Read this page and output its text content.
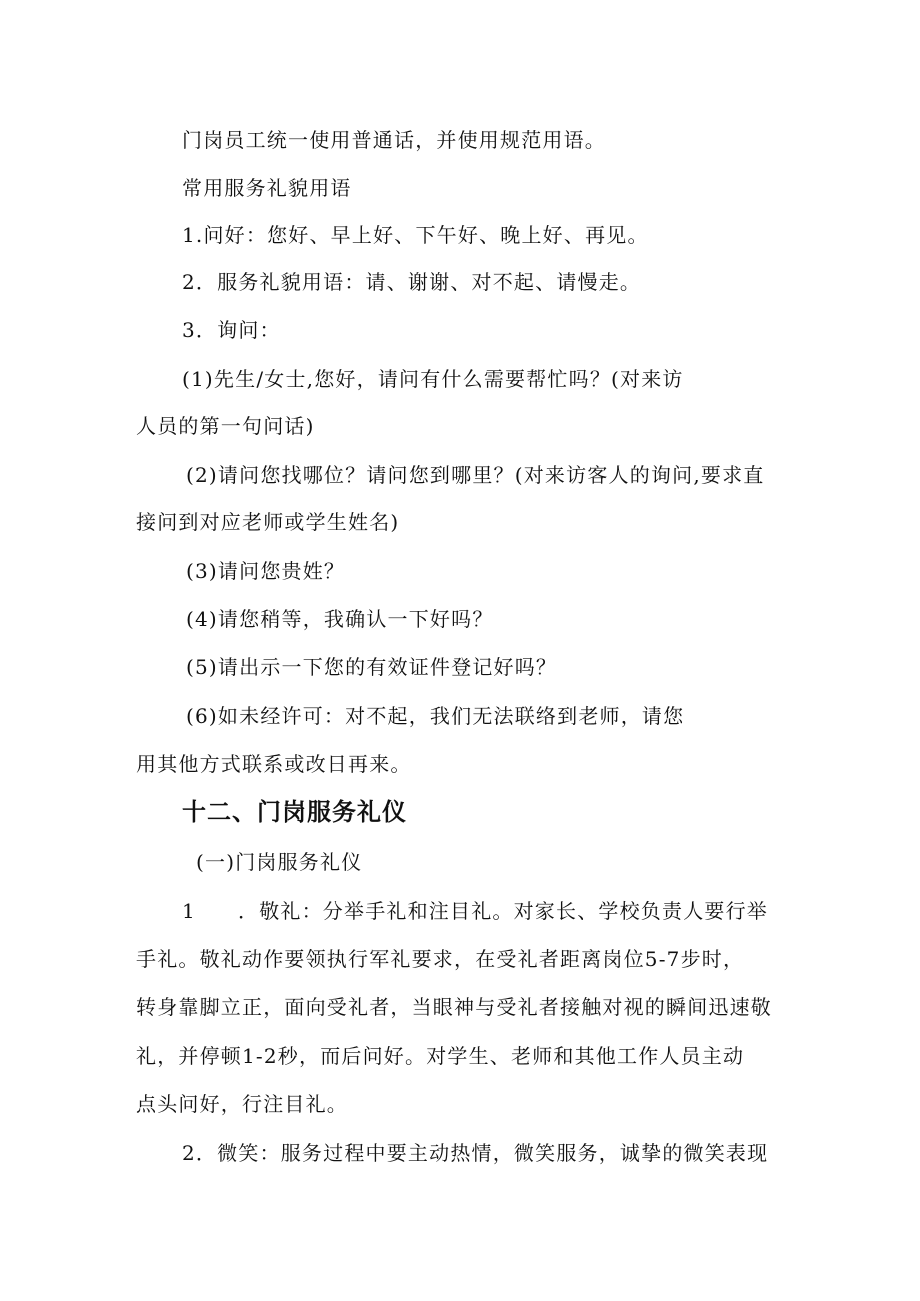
门岗员工统一使用普通话，并使用规范用语。
常用服务礼貌用语
1.问好：您好、早上好、下午好、晚上好、再见。
2．服务礼貌用语：请、谢谢、对不起、请慢走。
3．询问：
(1)先生/女士,您好，请问有什么需要帮忙吗？(对来访
人员的第一句问话)
(2)请问您找哪位？请问您到哪里？(对来访客人的询问,要求直
接问到对应老师或学生姓名)
(3)请问您贵姓？
(4)请您稍等，我确认一下好吗？
(5)请出示一下您的有效证件登记好吗？
(6)如未经许可：对不起，我们无法联络到老师，请您
用其他方式联系或改日再来。
十二、门岗服务礼仪
(一)门岗服务礼仪
1 ．敬礼：分举手礼和注目礼。对家长、学校负责人要行举
手礼。敬礼动作要领执行军礼要求，在受礼者距离岗位5-7步时，
转身靠脚立正，面向受礼者，当眼神与受礼者接触对视的瞬间迅速敬
礼，并停顿1-2秒，而后问好。对学生、老师和其他工作人员主动
点头问好，行注目礼。
2．微笑：服务过程中要主动热情，微笑服务，诚挚的微笑表现
